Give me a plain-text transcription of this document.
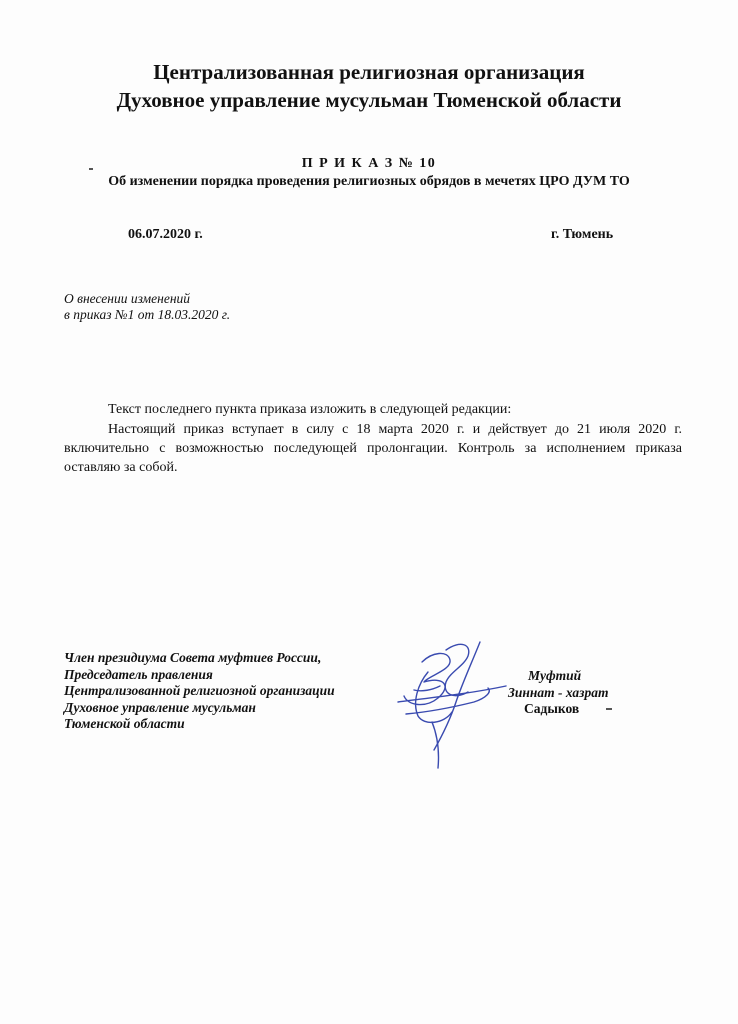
Централизованная религиозная организация
Духовное управление мусульман Тюменской области
П Р И К А З № 10
Об изменении порядка проведения религиозных обрядов в мечетях ЦРО ДУМ ТО
06.07.2020 г.	г. Тюмень
О внесении изменений
в приказ №1 от 18.03.2020 г.
Текст последнего пункта приказа изложить в следующей редакции:
Настоящий приказ вступает в силу с 18 марта 2020 г. и действует до 21 июля 2020 г. включительно с возможностью последующей пролонгации. Контроль за исполнением приказа оставляю за собой.
Член президиума Совета муфтиев России,
Председатель правления
Централизованной религиозной организации
Духовное управление мусульман
Тюменской области
Муфтий
Зиннат - хазрат
Садыков
